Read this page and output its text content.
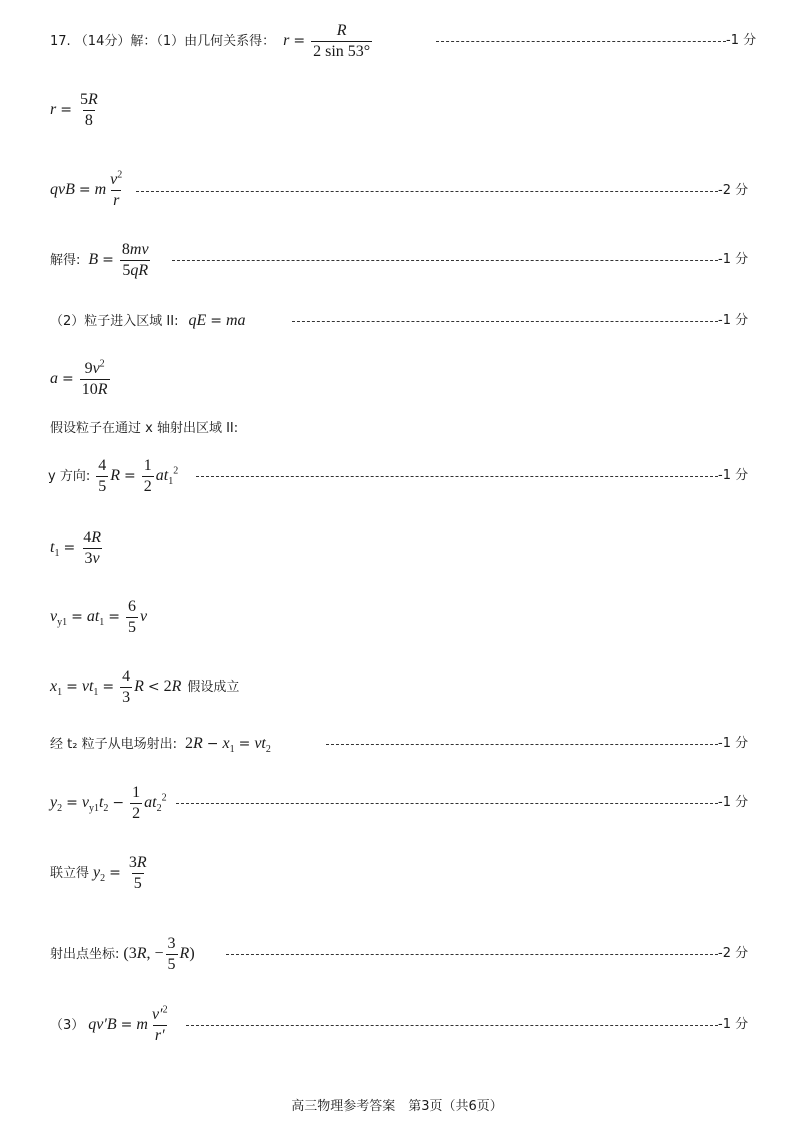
17. （14分）解：（1）由几何关系得： $r = \frac{R}{2 \sin 53^\circ}$	-1 分
$r = \frac{5R}{8}$
qvB = m $\frac{v^2}{r}$	-2 分
解得: $B = \frac{8mv}{5qR}$	-1 分
（2）粒子进入区域 II: qE = ma	-1 分
$a = \frac{9v^2}{10R}$
假设粒子在通过 x 轴射出区域 II:
y 方向: $\frac{4}{5}$ $R = \frac{1}{2} at_1^2$	-1 分
$t_1 = \frac{4R}{3v}$
$v_{y1} = at_1 = \frac{6}{5}$ v
$x_1 = vt_1 = \frac{4}{3}$ R < 2R 假设成立
经 t₂ 粒子从电场射出: $2R - x_1 = vt_2$	-1 分
$y_2 = v_{y1}t_2 - \frac{1}{2} at_2^2$	-1 分
联立得 $y_2 = \frac{3R}{5}$
射出点坐标: (3R, − $\frac{3}{5} R$)	-2 分
（3） qv′B = m $\frac{v'^2}{r'}$	-1 分
高三物理参考答案　第3页（共6页）
